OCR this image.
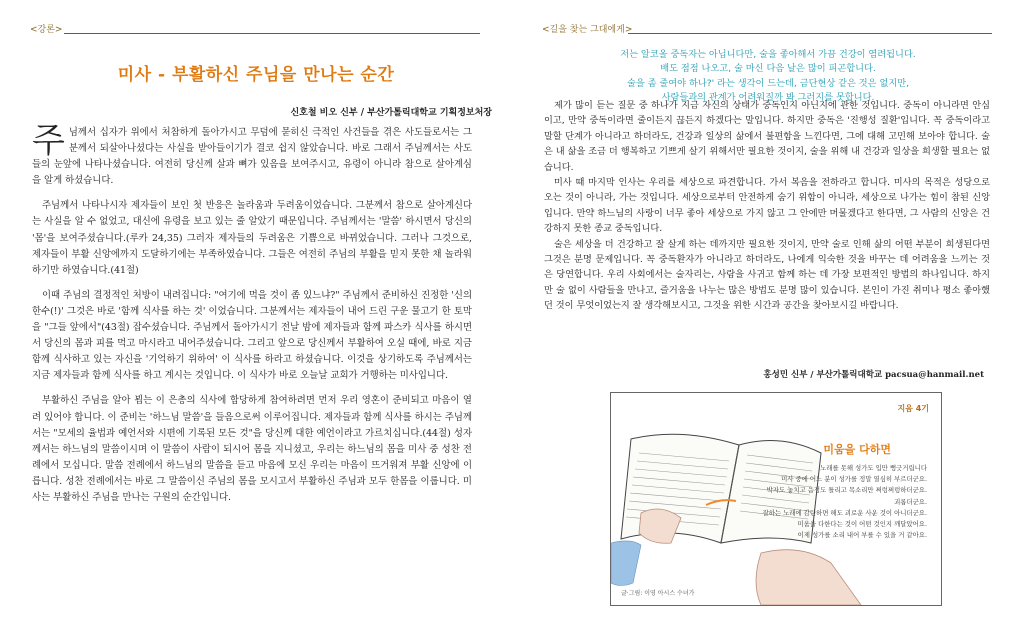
<강론>
미사 - 부활하신 주님을 만나는 순간
신호철 비오 신부 / 부산가톨릭대학교 기획정보처장

주님께서 십자가 위에서 처참하게 돌아가시고 무덤에 묻히신 극적인 사건들을 겪은 사도들로서는 그분께서 되살아나셨다는 사실을 받아들이기가 결코 쉽지 않았습니다. 바로 그래서 주님께서는 사도들의 눈앞에 나타나셨습니다. 여전히 당신께 살과 뼈가 있음을 보여주시고, 유령이 아니라 참으로 살아계심을 알게 하셨습니다.

주님께서 나타나시자 제자들이 보인 첫 반응은 놀라움과 두려움이었습니다. 그분께서 참으로 살아계신다는 사실을 알 수 없었고, 대신에 유령을 보고 있는 줄 알았기 때문입니다. 주님께서는 '말씀' 하시면서 당신의 '몸'을 보여주셨습니다.(루카 24,35) 그러자 제자들의 두려움은 기쁨으로 바뀌었습니다. 그러나 그것으로, 제자들이 부활 신앙에까지 도달하기에는 부족하였습니다. 그들은 여전히 주님의 부활을 믿지 못한 채 놀라워하기만 하였습니다.(41절)

이때 주님의 결정적인 처방이 내려집니다: "여기에 먹을 것이 좀 있느냐?" 주님께서 준비하신 진정한 '신의 한수(!)' 그것은 바로 '함께 식사를 하는 것' 이었습니다. 그분께서는 제자들이 내어 드린 구운 물고기 한 토막을 "그들 앞에서"(43절) 잡수셨습니다. 주님께서 돌아가시기 전날 밤에 제자들과 함께 파스카 식사를 하시면서 당신의 몸과 피를 먹고 마시라고 내어주셨습니다. 그리고 앞으로 당신께서 부활하여 오실 때에, 바로 지금 함께 식사하고 있는 자신을 '기억하기 위하여' 이 식사를 하라고 하셨습니다. 이것을 상기하도록 주님께서는 지금 제자들과 함께 식사를 하고 계시는 것입니다. 이 식사가 바로 오늘날 교회가 거행하는 미사입니다.

부활하신 주님을 알아 뵙는 이 은총의 식사에 합당하게 참여하려면 먼저 우리 영혼이 준비되고 마음이 열려 있어야 합니다. 이 준비는 '하느님 말씀'을 들음으로써 이루어집니다. 제자들과 함께 식사를 하시는 주님께서는 "모세의 율법과 예언서와 시편에 기록된 모든 것"을 당신께 대한 예언이라고 가르치십니다.(44절) 성자께서는 하느님의 말씀이시며 이 말씀이 사람이 되시어 몸을 지니셨고, 우리는 하느님의 몸을 미사 중 성찬 전례에서 모십니다. 말씀 전례에서 하느님의 말씀을 듣고 마음에 모신 우리는 마음이 뜨거워져 부활 신앙에 이릅니다. 성찬 전례에서는 바로 그 말씀이신 주님의 몸을 모시고서 부활하신 주님과 모두 한몸을 이룹니다. 미사는 부활하신 주님을 만나는 구원의 순간입니다.

<길을 찾는 그대에게>
저는 알코올 중독자는 아닙니다만, 술을 좋아해서 가끔 건강이 염려됩니다.
배도 점점 나오고, 술 마신 다음 날은 많이 피곤합니다.
술을 좀 줄여야 하나?' 라는 생각이 드는데, 금단현상 같은 것은 없지만,
사람들과의 관계가 어려워질까 봐 그러지를 못합니다.

제가 많이 듣는 질문 중 하나가 지금 자신의 상태가 중독인지 아닌지에 관한 것입니다. 중독이 아니라면 안심이고, 만약 중독이라면 줄이든지 끊든지 하겠다는 말입니다. 하지만 중독은 '진행성 질환'입니다. 꼭 중독이라고 말할 단계가 아니라고 하더라도, 건강과 일상의 삶에서 불편함을 느낀다면, 그에 대해 고민해 보아야 합니다. 술은 내 삶을 조금 더 행복하고 기쁘게 살기 위해서만 필요한 것이지, 술을 위해 내 건강과 일상을 희생할 필요는 없습니다.

미사 때 마지막 인사는 우리를 세상으로 파견합니다. 가서 복음을 전하라고 합니다. 미사의 목적은 성당으로 오는 것이 아니라, 가는 것입니다. 세상으로부터 안전하게 숨기 위함이 아니라, 세상으로 나가는 힘이 참된 신앙입니다. 만약 하느님의 사랑이 너무 좋아 세상으로 가지 않고 그 안에만 머물겠다고 한다면, 그 사람의 신앙은 건강하지 못한 종교 중독입니다.

술은 세상을 더 건강하고 잘 살게 하는 데까지만 필요한 것이지, 만약 술로 인해 삶의 어떤 부분이 희생된다면 그것은 분명 문제입니다. 꼭 중독환자가 아니라고 하더라도, 나에게 익숙한 것을 바꾸는 데 어려움을 느끼는 것은 당연합니다. 우리 사회에서는 술자리는, 사람을 사귀고 함께 하는 데 가장 보편적인 방법의 하나입니다. 하지만 술 없이 사람들을 만나고, 즐거움을 나누는 많은 방법도 분명 많이 있습니다. 본인이 가진 취미나 평소 좋아했던 것이 무엇이었는지 잘 생각해보시고, 그것을 위한 시간과 공간을 찾아보시길 바랍니다.

홍성민 신부 / 부산가톨릭대학교 pacsua@hanmail.net
지음 4기
미움을 다하면
노래를 못해 성가도 입만 뻥긋거립니다
미사 중에 어느 분이 성가를 정말 열심히 부르더군요.
박자도 놓치고 음정도 틀리고 목소리만 쩌렁쩌렁하더군요.
괴롭더군요.
잘하는 노래에 감탄하면 해도 괴로운 사운 것이 아니더군요.
미움을 다한다는 것이 어떤 것인지 깨달았어요.
이제 성가를 소리 내어 부를 수 있을 거 같아요.
글·그림: 이영 아시스 수녀가
